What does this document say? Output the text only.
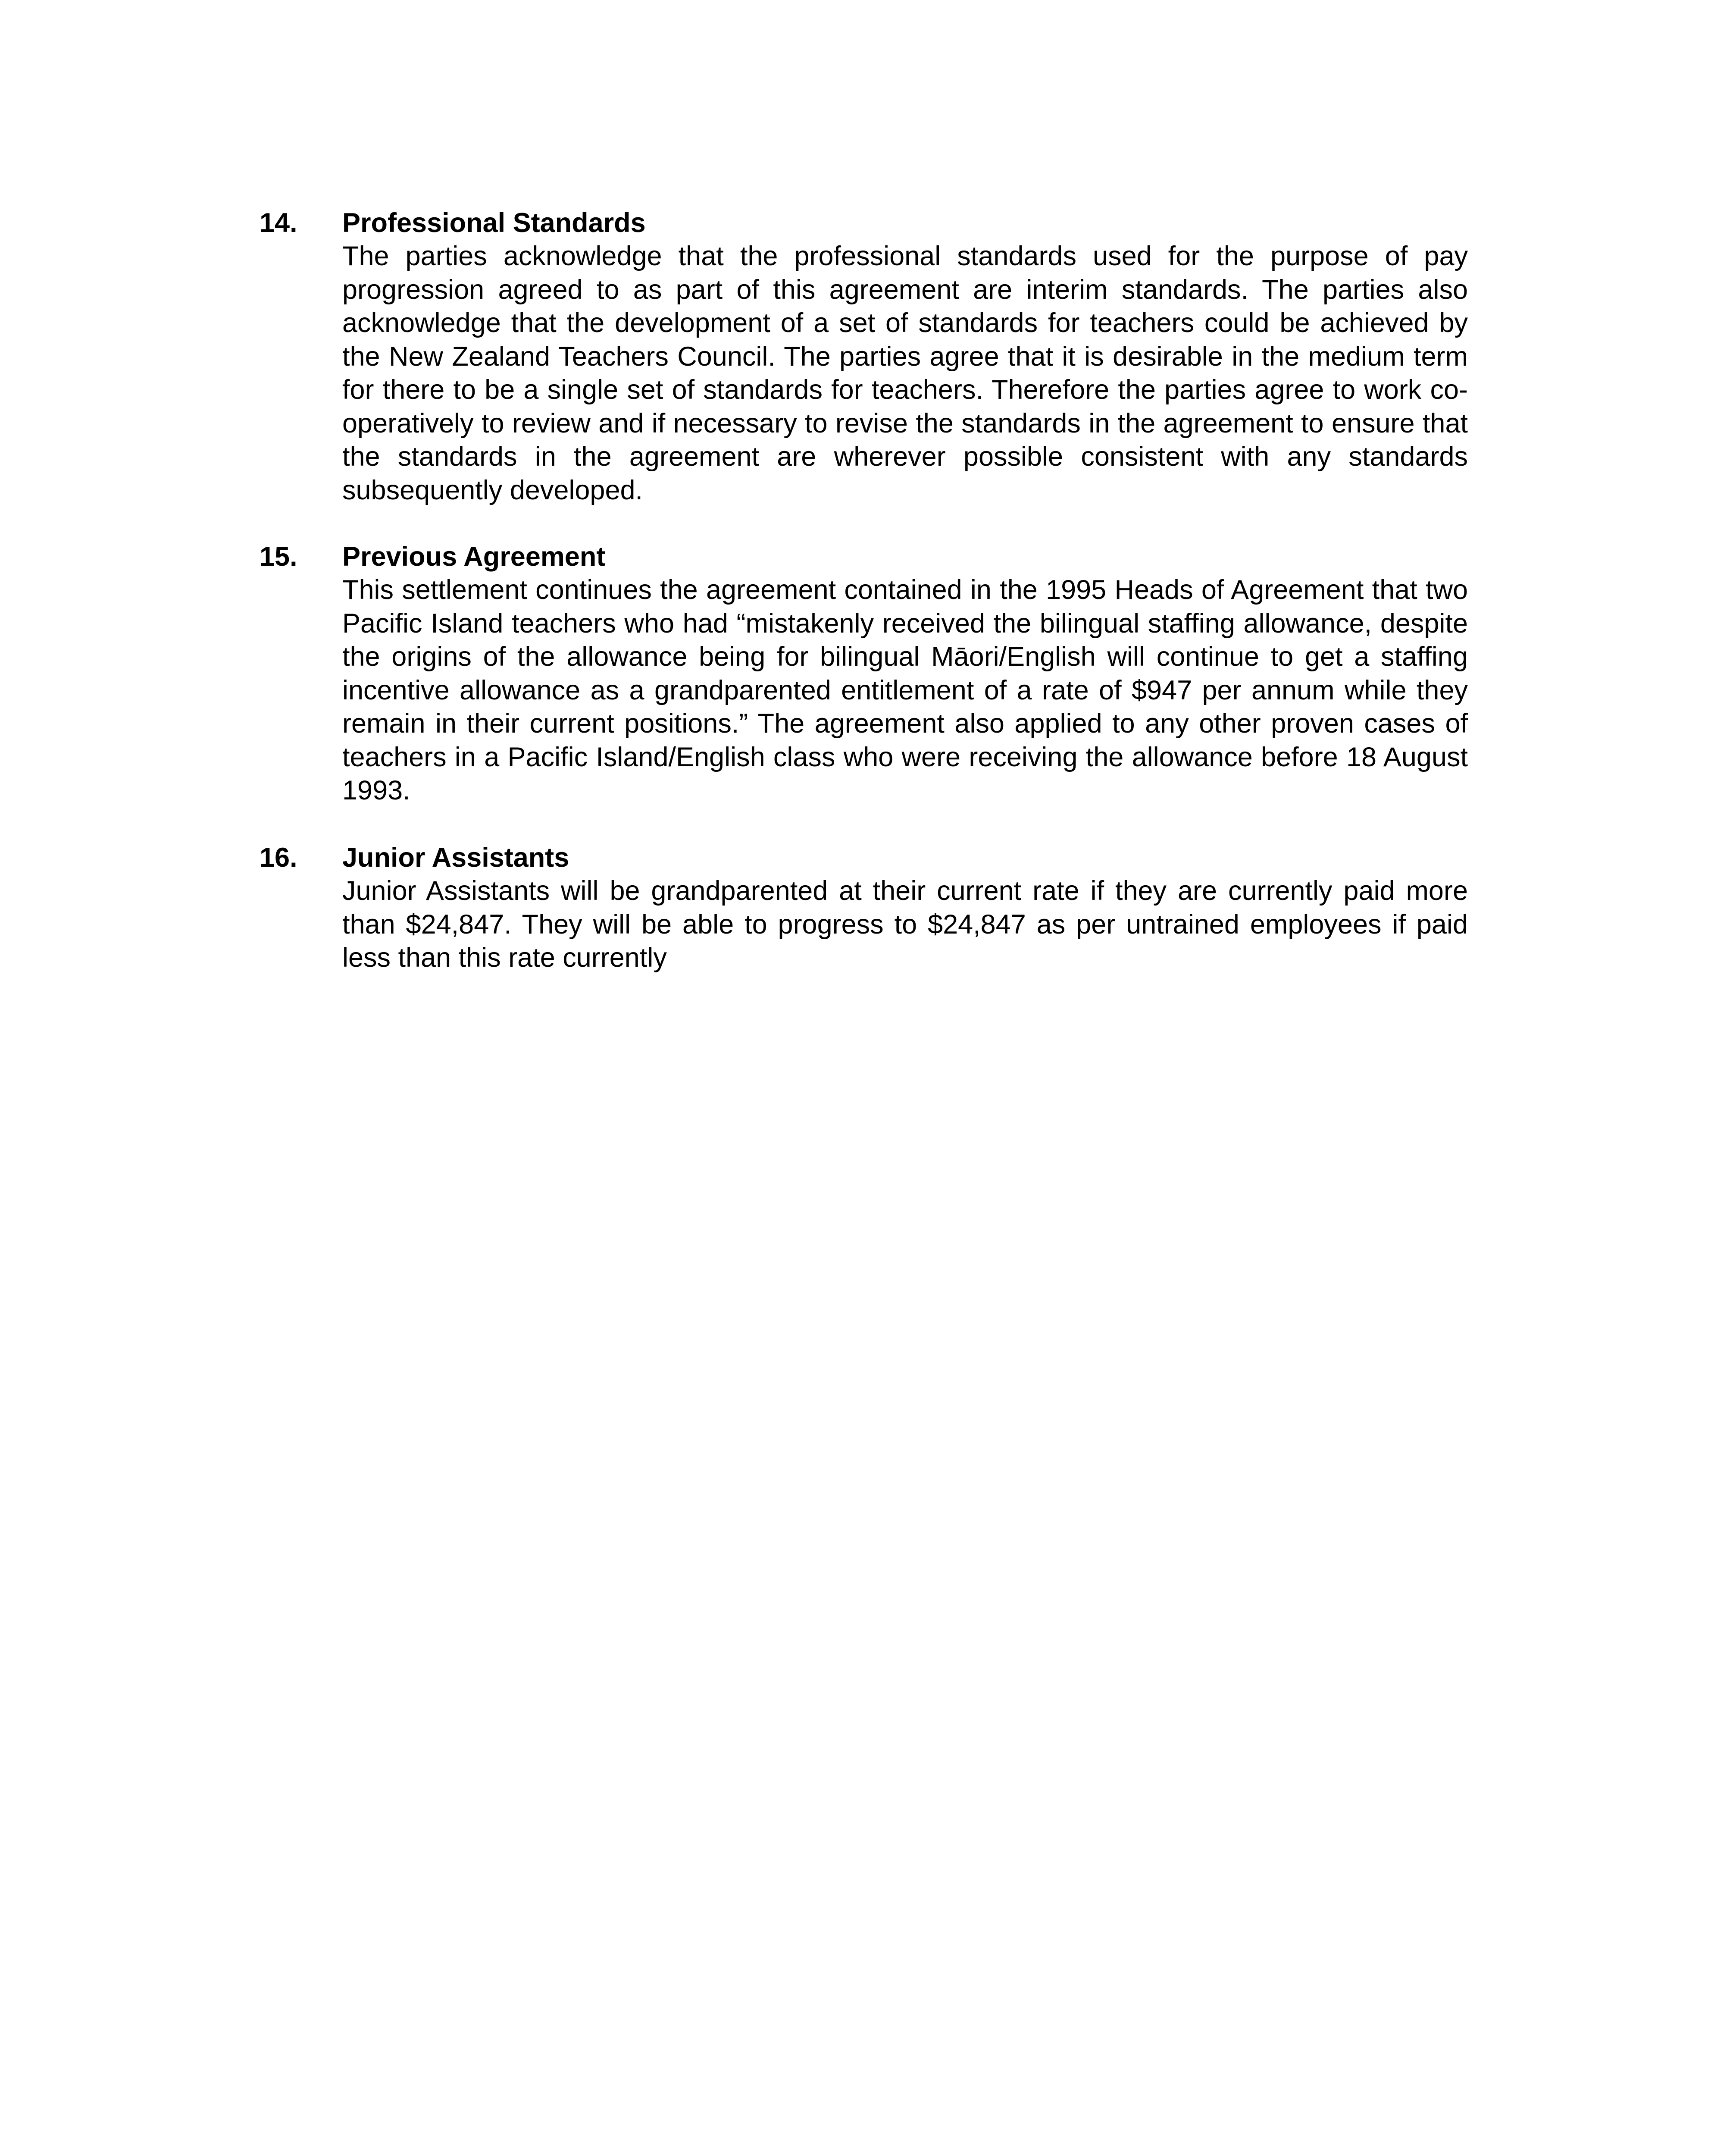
14. Professional Standards
The parties acknowledge that the professional standards used for the purpose of pay progression agreed to as part of this agreement are interim standards. The parties also acknowledge that the development of a set of standards for teachers could be achieved by the New Zealand Teachers Council. The parties agree that it is desirable in the medium term for there to be a single set of standards for teachers. Therefore the parties agree to work co-operatively to review and if necessary to revise the standards in the agreement to ensure that the standards in the agreement are wherever possible consistent with any standards subsequently developed.
15. Previous Agreement
This settlement continues the agreement contained in the 1995 Heads of Agreement that two Pacific Island teachers who had “mistakenly received the bilingual staffing allowance, despite the origins of the allowance being for bilingual Māori/English will continue to get a staffing incentive allowance as a grandparented entitlement of a rate of $947 per annum while they remain in their current positions.” The agreement also applied to any other proven cases of teachers in a Pacific Island/English class who were receiving the allowance before 18 August 1993.
16. Junior Assistants
Junior Assistants will be grandparented at their current rate if they are currently paid more than $24,847. They will be able to progress to $24,847 as per untrained employees if paid less than this rate currently
